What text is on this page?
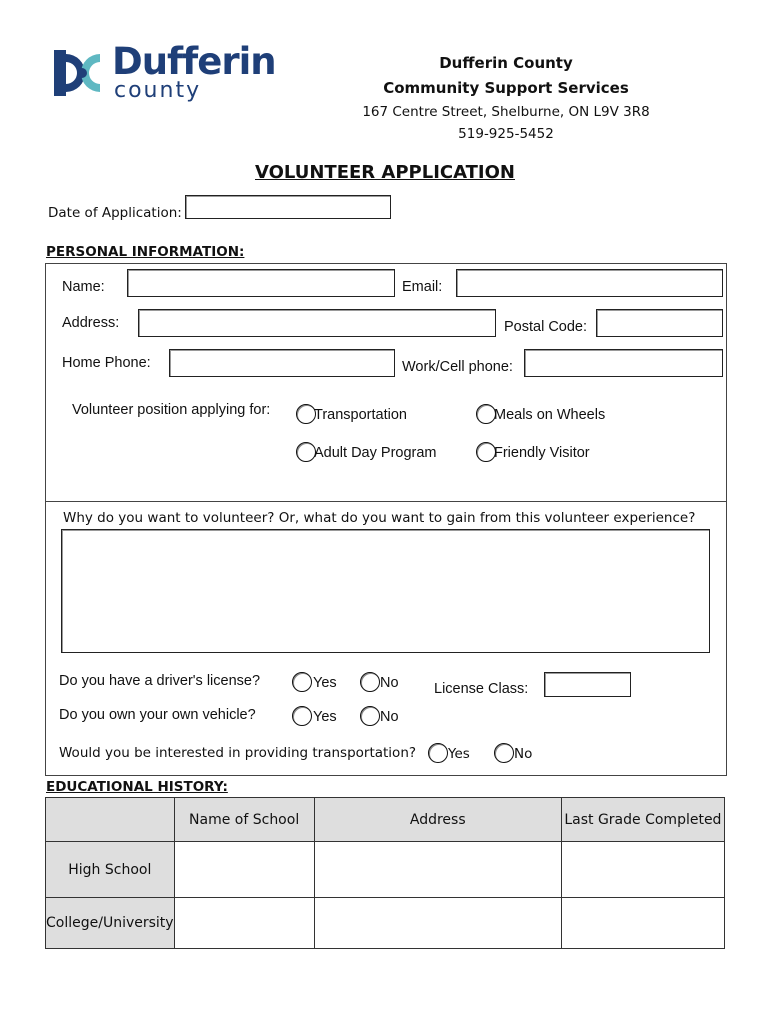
Dufferin
county
Dufferin County
Community Support Services
167 Centre Street, Shelburne, ON L9V 3R8
519-925-5452
VOLUNTEER APPLICATION
Date of Application:
PERSONAL INFORMATION:
Name:	Email:
Address:	Postal Code:
Home Phone:	Work/Cell phone:
Volunteer position applying for:	Transportation	Meals on Wheels
Adult Day Program	Friendly Visitor
Why do you want to volunteer? Or, what do you want to gain from this volunteer experience?
Do you have a driver's license?	Yes	No License Class:
Do you own your own vehicle?	Yes	No
Would you be interested in providing transportation? Yes	No
EDUCATIONAL HISTORY:
	Name of School	Address	Last Grade Completed
High School			
College/University			
